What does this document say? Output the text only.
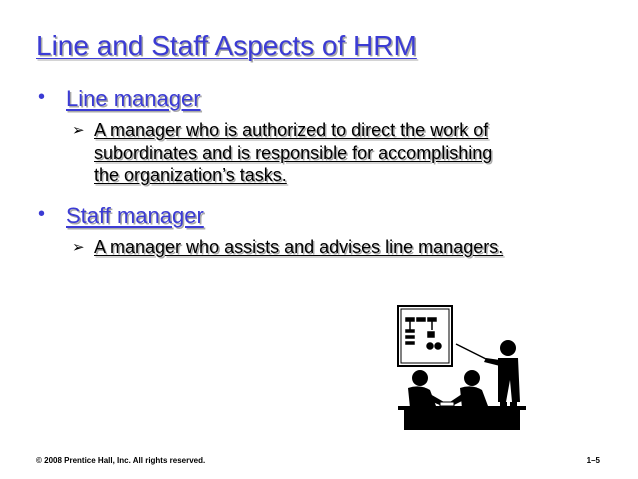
Line and Staff Aspects of HRM
• Line manager
➢ A manager who is authorized to direct the work of
subordinates and is responsible for accomplishing
the organization’s tasks.
• Staff manager
➢ A manager who assists and advises line managers.
© 2008 Prentice Hall, Inc. All rights reserved.	1–5
